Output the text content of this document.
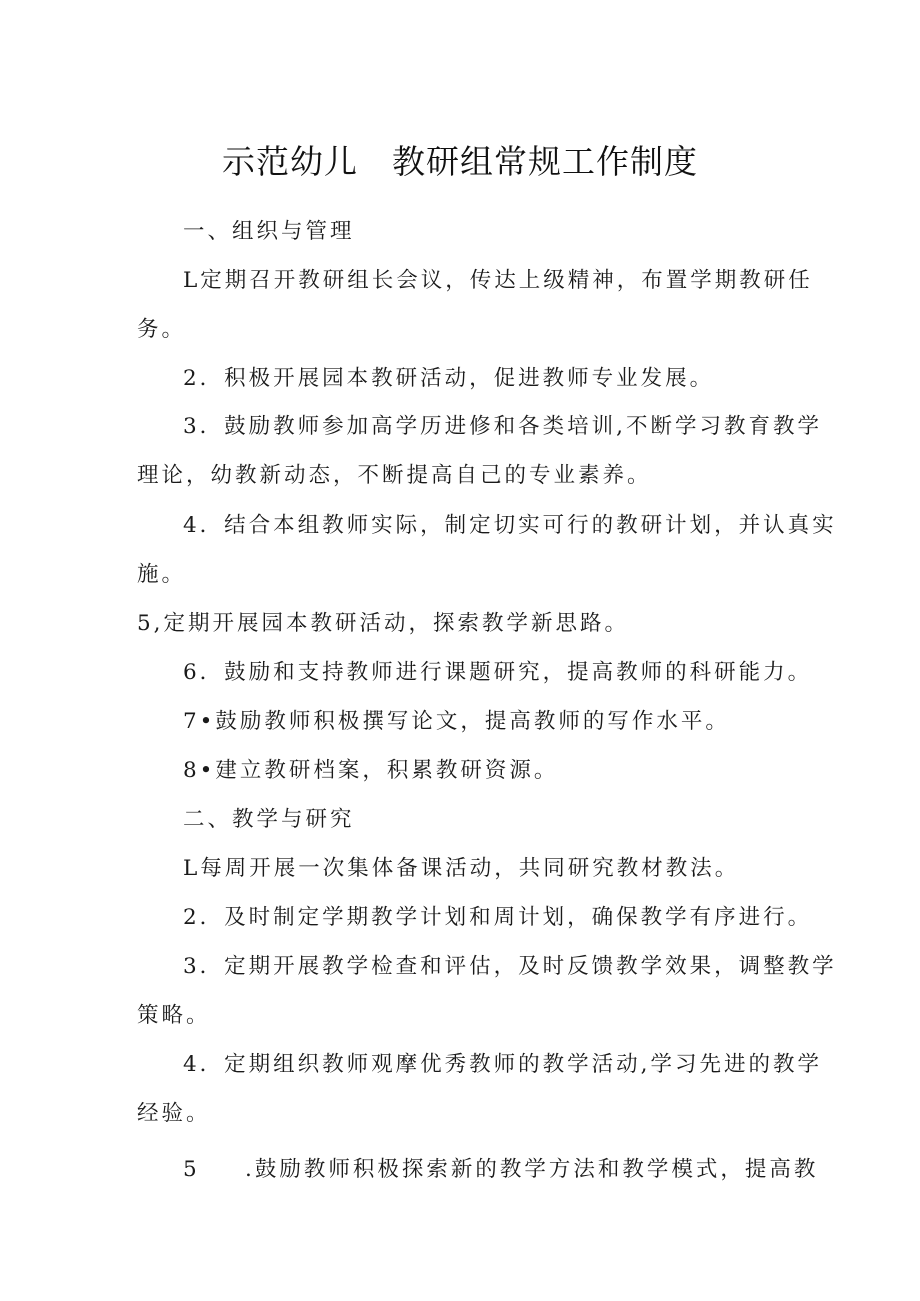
示范幼儿　教研组常规工作制度
一、组织与管理
L定期召开教研组长会议，传达上级精神，布置学期教研任
务。
2．积极开展园本教研活动，促进教师专业发展。
3．鼓励教师参加高学历进修和各类培训,不断学习教育教学
理论，幼教新动态，不断提高自己的专业素养。
4．结合本组教师实际，制定切实可行的教研计划，并认真实
施。
5,定期开展园本教研活动，探索教学新思路。
6．鼓励和支持教师进行课题研究，提高教师的科研能力。
7•鼓励教师积极撰写论文，提高教师的写作水平。
8•建立教研档案，积累教研资源。
二、教学与研究
L每周开展一次集体备课活动，共同研究教材教法。
2．及时制定学期教学计划和周计划，确保教学有序进行。
3．定期开展教学检查和评估，及时反馈教学效果，调整教学
策略。
4．定期组织教师观摩优秀教师的教学活动,学习先进的教学
经验。
5 .鼓励教师积极探索新的教学方法和教学模式，提高教
